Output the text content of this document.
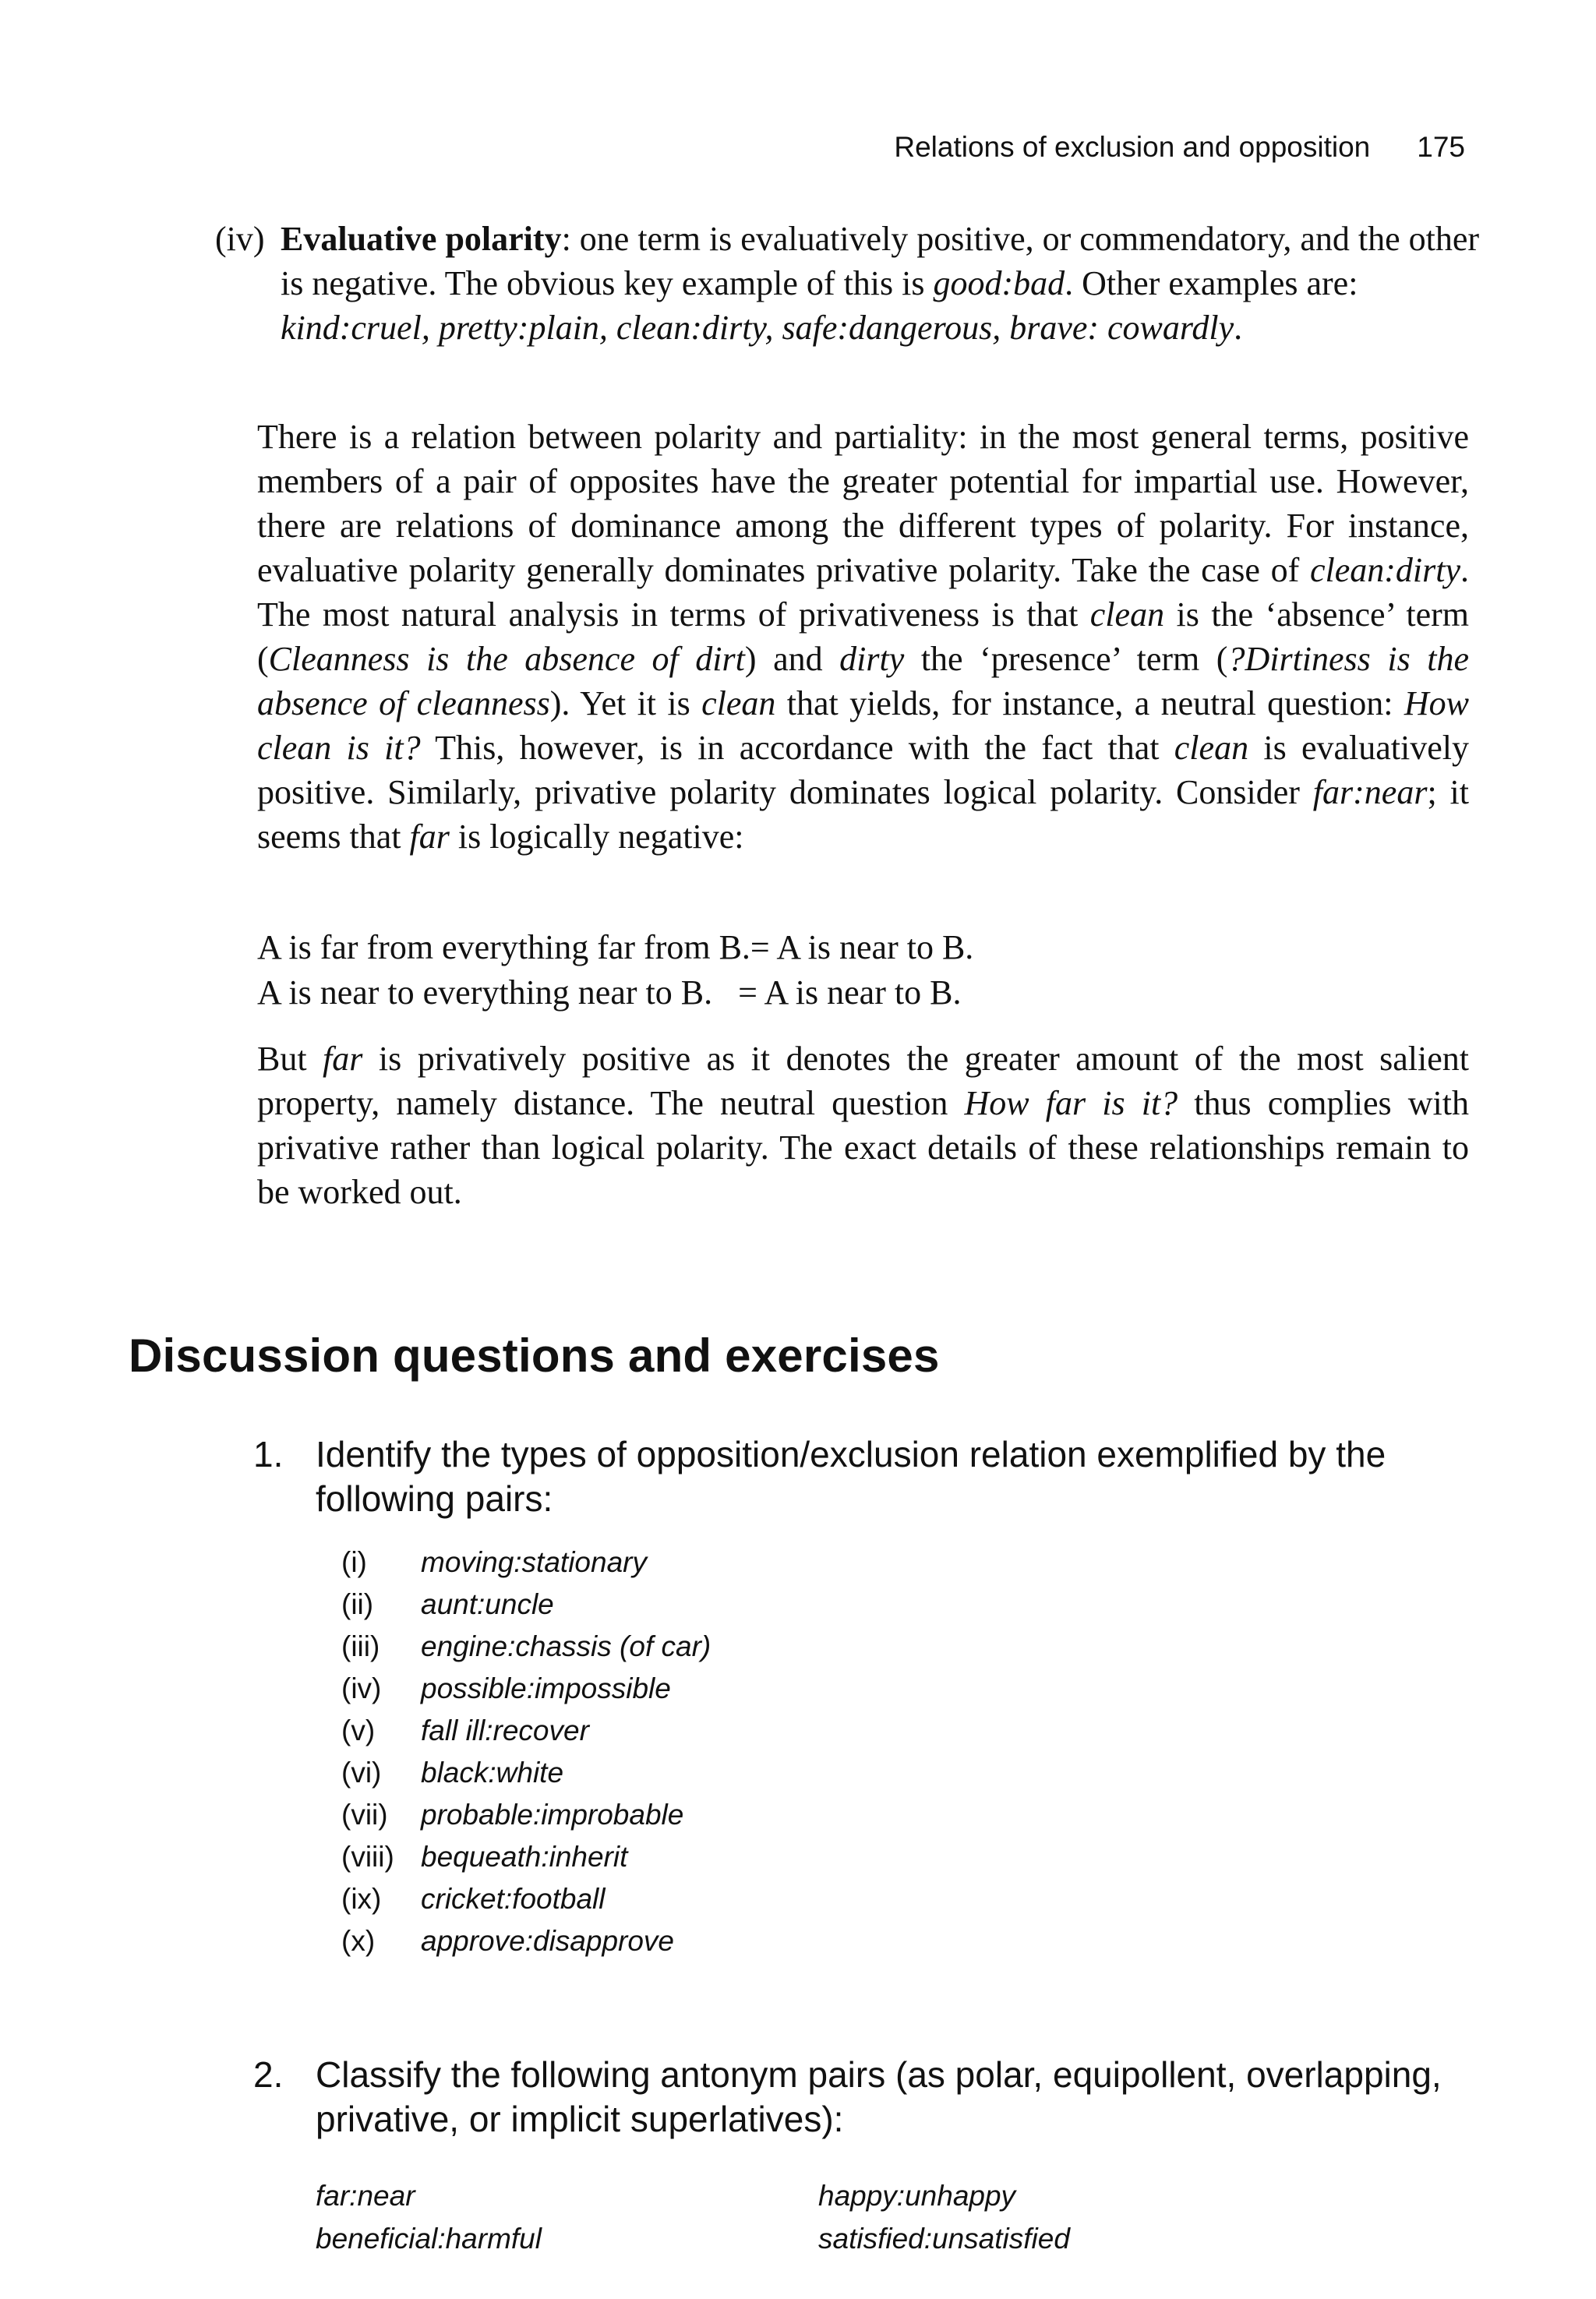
Relations of exclusion and opposition 175
(iv) Evaluative polarity: one term is evaluatively positive, or commendatory, and the other is negative. The obvious key example of this is good:bad. Other examples are: kind:cruel, pretty:plain, clean:dirty, safe:dangerous, brave: cowardly.
There is a relation between polarity and partiality: in the most general terms, positive members of a pair of opposites have the greater potential for impartial use. However, there are relations of dominance among the different types of polarity. For instance, evaluative polarity generally dominates privative polarity. Take the case of clean:dirty. The most natural analysis in terms of privativeness is that clean is the ‘absence’ term (Cleanness is the absence of dirt) and dirty the ‘presence’ term (?Dirtiness is the absence of cleanness). Yet it is clean that yields, for instance, a neutral question: How clean is it? This, however, is in accordance with the fact that clean is evaluatively positive. Similarly, privative polarity dominates logical polarity. Consider far:near; it seems that far is logically negative:
A is far from everything far from B.= A is near to B.
A is near to everything near to B.   = A is near to B.
But far is privatively positive as it denotes the greater amount of the most salient property, namely distance. The neutral question How far is it? thus complies with privative rather than logical polarity. The exact details of these relationships remain to be worked out.
Discussion questions and exercises
1. Identify the types of opposition/exclusion relation exemplified by the following pairs:
(i) moving:stationary
(ii) aunt:uncle
(iii) engine:chassis (of car)
(iv) possible:impossible
(v) fall ill:recover
(vi) black:white
(vii) probable:improbable
(viii) bequeath:inherit
(ix) cricket:football
(x) approve:disapprove
2. Classify the following antonym pairs (as polar, equipollent, overlapping, privative, or implicit superlatives):
far:near	happy:unhappy
beneficial:harmful	satisfied:unsatisfied
